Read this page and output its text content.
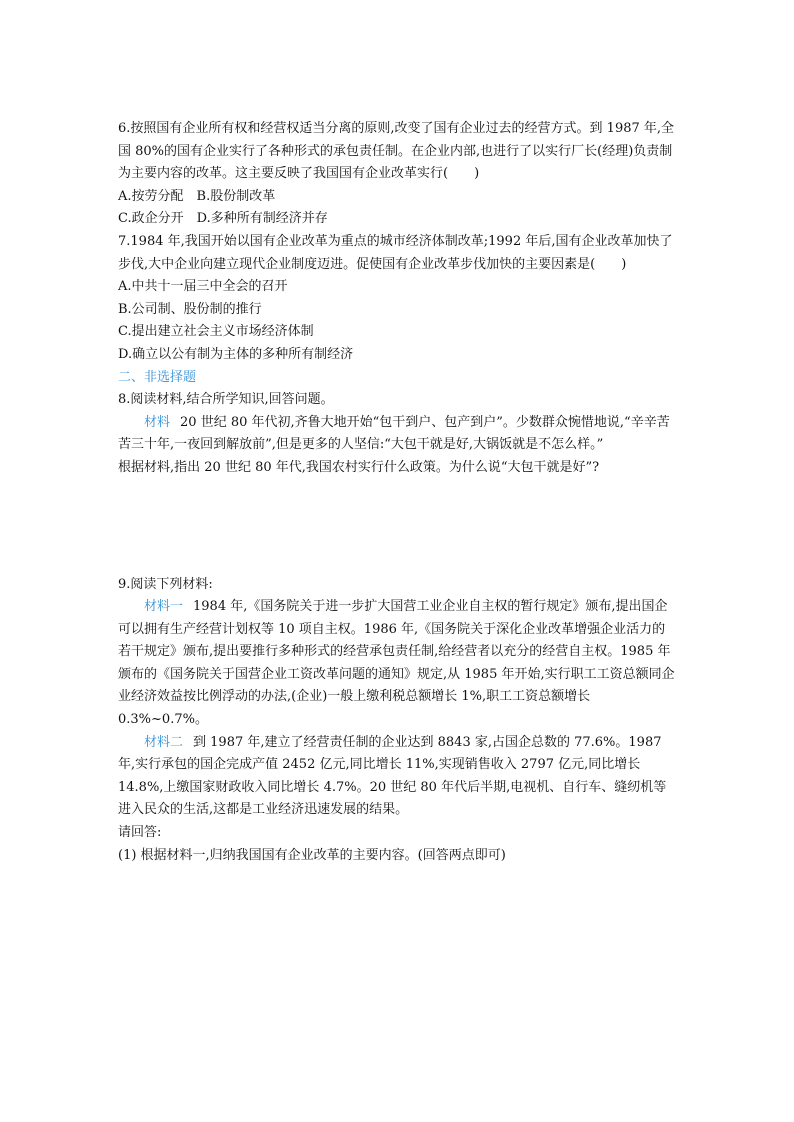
6.按照国有企业所有权和经营权适当分离的原则,改变了国有企业过去的经营方式。到 1987 年,全国 80%的国有企业实行了各种形式的承包责任制。在企业内部,也进行了以实行厂长(经理)负责制为主要内容的改革。这主要反映了我国国有企业改革实行(　　)

A.按劳分配　B.股份制改革

C.政企分开　D.多种所有制经济并存

7.1984 年,我国开始以国有企业改革为重点的城市经济体制改革;1992 年后,国有企业改革加快了步伐,大中企业向建立现代企业制度迈进。促使国有企业改革步伐加快的主要因素是(　　)

A.中共十一届三中全会的召开

B.公司制、股份制的推行

C.提出建立社会主义市场经济体制

D.确立以公有制为主体的多种所有制经济

二、非选择题

8.阅读材料,结合所学知识,回答问题。

材料 20 世纪 80 年代初,齐鲁大地开始“包干到户、包产到户”。少数群众惋惜地说,“辛辛苦苦三十年,一夜回到解放前”,但是更多的人坚信:“大包干就是好,大锅饭就是不怎么样。”

根据材料,指出 20 世纪 80 年代,我国农村实行什么政策。为什么说“大包干就是好”?

9.阅读下列材料:

材料一 1984 年,《国务院关于进一步扩大国营工业企业自主权的暂行规定》颁布,提出国企可以拥有生产经营计划权等 10 项自主权。1986 年,《国务院关于深化企业改革增强企业活力的若干规定》颁布,提出要推行多种形式的经营承包责任制,给经营者以充分的经营自主权。1985 年颁布的《国务院关于国营企业工资改革问题的通知》规定,从 1985 年开始,实行职工工资总额同企业经济效益按比例浮动的办法,(企业)一般上缴利税总额增长 1%,职工工资总额增长 0.3%~0.7%。

材料二 到 1987 年,建立了经营责任制的企业达到 8843 家,占国企总数的 77.6%。1987 年,实行承包的国企完成产值 2452 亿元,同比增长 11%,实现销售收入 2797 亿元,同比增长 14.8%,上缴国家财政收入同比增长 4.7%。20 世纪 80 年代后半期,电视机、自行车、缝纫机等进入民众的生活,这都是工业经济迅速发展的结果。

请回答:

(1) 根据材料一,归纳我国国有企业改革的主要内容。(回答两点即可)
